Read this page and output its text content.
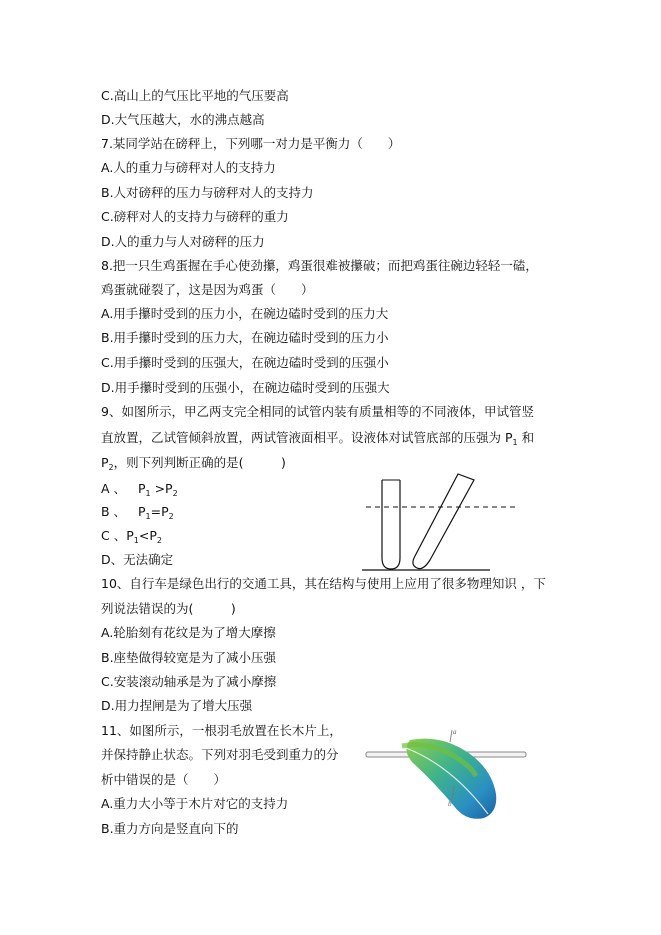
C.高山上的气压比平地的气压要高
D.大气压越大，水的沸点越高
7.某同学站在磅秤上，下列哪一对力是平衡力（　　）
A.人的重力与磅秤对人的支持力
B.人对磅秤的压力与磅秤对人的支持力
C.磅秤对人的支持力与磅秤的重力
D.人的重力与人对磅秤的压力
8.把一只生鸡蛋握在手心使劲攥，鸡蛋很难被攥破；而把鸡蛋往碗边轻轻一磕，
鸡蛋就碰裂了，这是因为鸡蛋（　　）
A.用手攥时受到的压力小，在碗边磕时受到的压力大
B.用手攥时受到的压力大，在碗边磕时受到的压力小
C.用手攥时受到的压强大，在碗边磕时受到的压强小
D.用手攥时受到的压强小，在碗边磕时受到的压强大
9、如图所示，甲乙两支完全相同的试管内装有质量相等的不同液体，甲试管竖
直放置，乙试管倾斜放置，两试管液面相平。设液体对试管底部的压强为 $P_1$ 和
$P_2$，则下列判断正确的是(　　　)
A 、 $P_1 >P_2$
B 、 $P_1=P_2$
C 、$P_1<P_2$
D、无法确定
10、自行车是绿色出行的交通工具，其在结构与使用上应用了很多物理知识 ，下
列说法错误的为(　　　)
A.轮胎刻有花纹是为了增大摩擦
B.座垫做得较宽是为了减小压强
C.安装滚动轴承是为了减小摩擦
D.用力捏闸是为了增大压强
11、如图所示，一根羽毛放置在长木片上，
并保持静止状态。下列对羽毛受到重力的分
析中错误的是（　　）
A.重力大小等于木片对它的支持力
B.重力方向是竖直向下的
a
b
